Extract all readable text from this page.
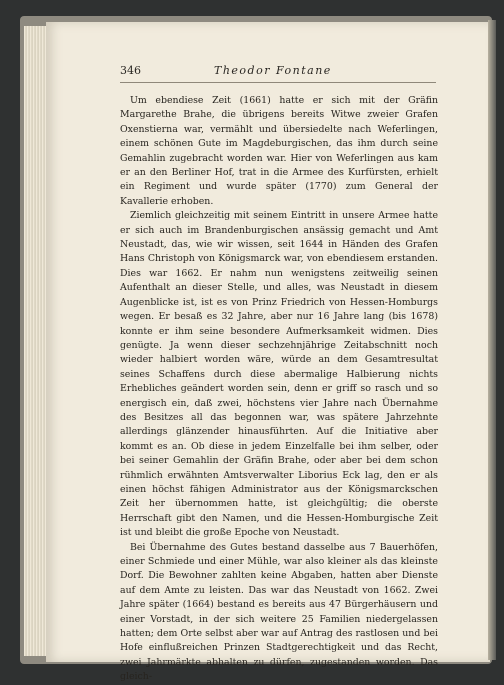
346	Theodor Fontane

Um ebendiese Zeit (1661) hatte er sich mit der Gräfin Margarethe Brahe, die übrigens bereits Witwe zweier Grafen Oxenstierna war, vermählt und übersiedelte nach Weferlingen, einem schönen Gute im Magdeburgischen, das ihm durch seine Gemahlin zugebracht worden war. Hier von Weferlingen aus kam er an den Berliner Hof, trat in die Armee des Kurfürsten, erhielt ein Regiment und wurde später (1770) zum General der Kavallerie erhoben.

Ziemlich gleichzeitig mit seinem Eintritt in unsere Armee hatte er sich auch im Brandenburgischen ansässig gemacht und Amt Neustadt, das, wie wir wissen, seit 1644 in Händen des Grafen Hans Christoph von Königsmarck war, von ebendiesem erstanden. Dies war 1662. Er nahm nun wenigstens zeitweilig seinen Aufenthalt an dieser Stelle, und alles, was Neustadt in diesem Augenblicke ist, ist es von Prinz Friedrich von Hessen-Homburgs wegen. Er besaß es 32 Jahre, aber nur 16 Jahre lang (bis 1678) konnte er ihm seine besondere Aufmerksamkeit widmen. Dies genügte. Ja wenn dieser sechzehnjährige Zeitabschnitt noch wieder halbiert worden wäre, würde an dem Gesamtresultat seines Schaffens durch diese abermalige Halbierung nichts Erhebliches geändert worden sein, denn er griff so rasch und so energisch ein, daß zwei, höchstens vier Jahre nach Übernahme des Besitzes all das begonnen war, was spätere Jahrzehnte allerdings glänzender hinausführten. Auf die Initiative aber kommt es an. Ob diese in jedem Einzelfalle bei ihm selber, oder bei seiner Gemahlin der Gräfin Brahe, oder aber bei dem schon rühmlich erwähnten Amtsverwalter Liborius Eck lag, den er als einen höchst fähigen Administrator aus der Königsmarckschen Zeit her übernommen hatte, ist gleichgültig; die oberste Herrschaft gibt den Namen, und die Hessen-Homburgische Zeit ist und bleibt die große Epoche von Neustadt.

Bei Übernahme des Gutes bestand dasselbe aus 7 Bauerhöfen, einer Schmiede und einer Mühle, war also kleiner als das kleinste Dorf. Die Bewohner zahlten keine Abgaben, hatten aber Dienste auf dem Amte zu leisten. Das war das Neustadt von 1662. Zwei Jahre später (1664) bestand es bereits aus 47 Bürgerhäusern und einer Vorstadt, in der sich weitere 25 Familien niedergelassen hatten; dem Orte selbst aber war auf Antrag des rastlosen und bei Hofe einflußreichen Prinzen Stadtgerechtigkeit und das Recht, zwei Jahrmärkte abhalten zu dürfen, zugestanden worden. Das gleich-
